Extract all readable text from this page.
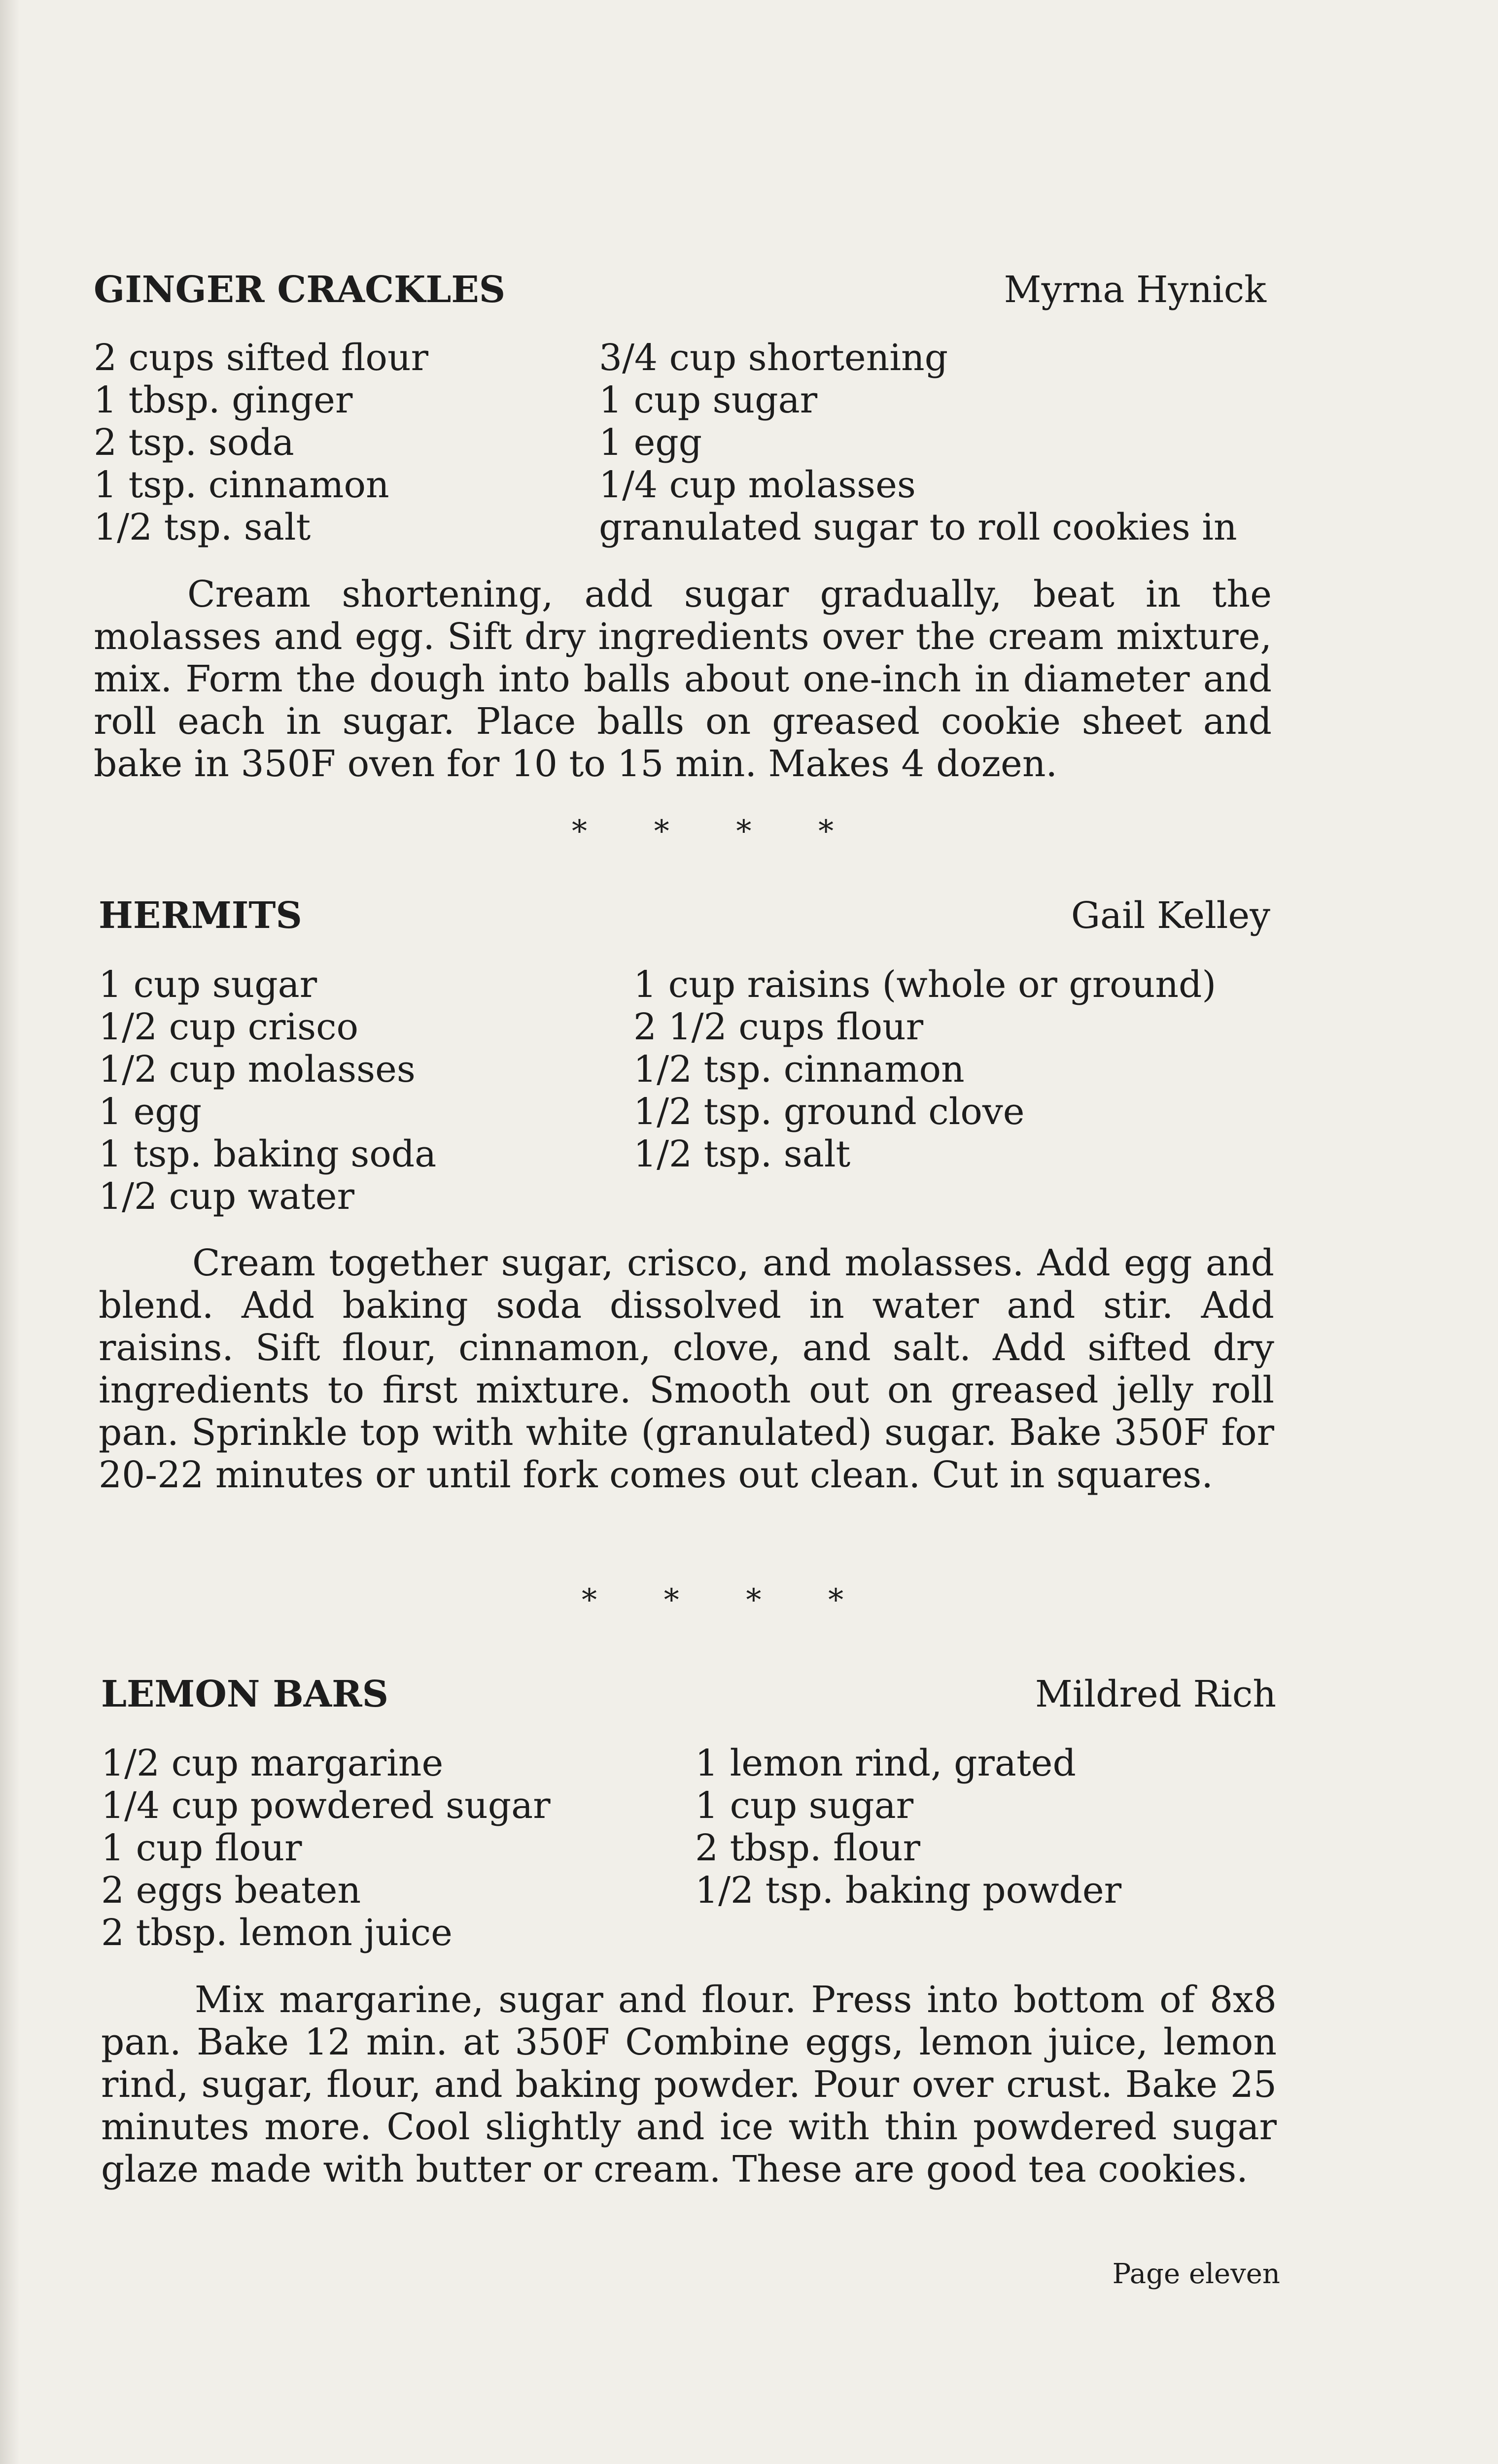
GINGER CRACKLES	Myrna Hynick
2 cups sifted flour
1 tbsp. ginger
2 tsp. soda
1 tsp. cinnamon
1/2 tsp. salt
3/4 cup shortening
1 cup sugar
1 egg
1/4 cup molasses
granulated sugar to roll cookies in
Cream shortening, add sugar gradually, beat in the molasses and egg. Sift dry ingredients over the cream mixture, mix. Form the dough into balls about one-inch in diameter and roll each in sugar. Place balls on greased cookie sheet and bake in 350F oven for 10 to 15 min. Makes 4 dozen.
* * * *
HERMITS	Gail Kelley
1 cup sugar
1/2 cup crisco
1/2 cup molasses
1 egg
1 tsp. baking soda
1/2 cup water
1 cup raisins (whole or ground)
2 1/2 cups flour
1/2 tsp. cinnamon
1/2 tsp. ground clove
1/2 tsp. salt
Cream together sugar, crisco, and molasses. Add egg and blend. Add baking soda dissolved in water and stir. Add raisins. Sift flour, cinnamon, clove, and salt. Add sifted dry ingredients to first mixture. Smooth out on greased jelly roll pan. Sprinkle top with white (granulated) sugar. Bake 350F for 20-22 minutes or until fork comes out clean. Cut in squares.
* * * *
LEMON BARS	Mildred Rich
1/2 cup margarine
1/4 cup powdered sugar
1 cup flour
2 eggs beaten
2 tbsp. lemon juice
1 lemon rind, grated
1 cup sugar
2 tbsp. flour
1/2 tsp. baking powder
Mix margarine, sugar and flour. Press into bottom of 8x8 pan. Bake 12 min. at 350F Combine eggs, lemon juice, lemon rind, sugar, flour, and baking powder. Pour over crust. Bake 25 minutes more. Cool slightly and ice with thin powdered sugar glaze made with butter or cream. These are good tea cookies.
Page eleven
